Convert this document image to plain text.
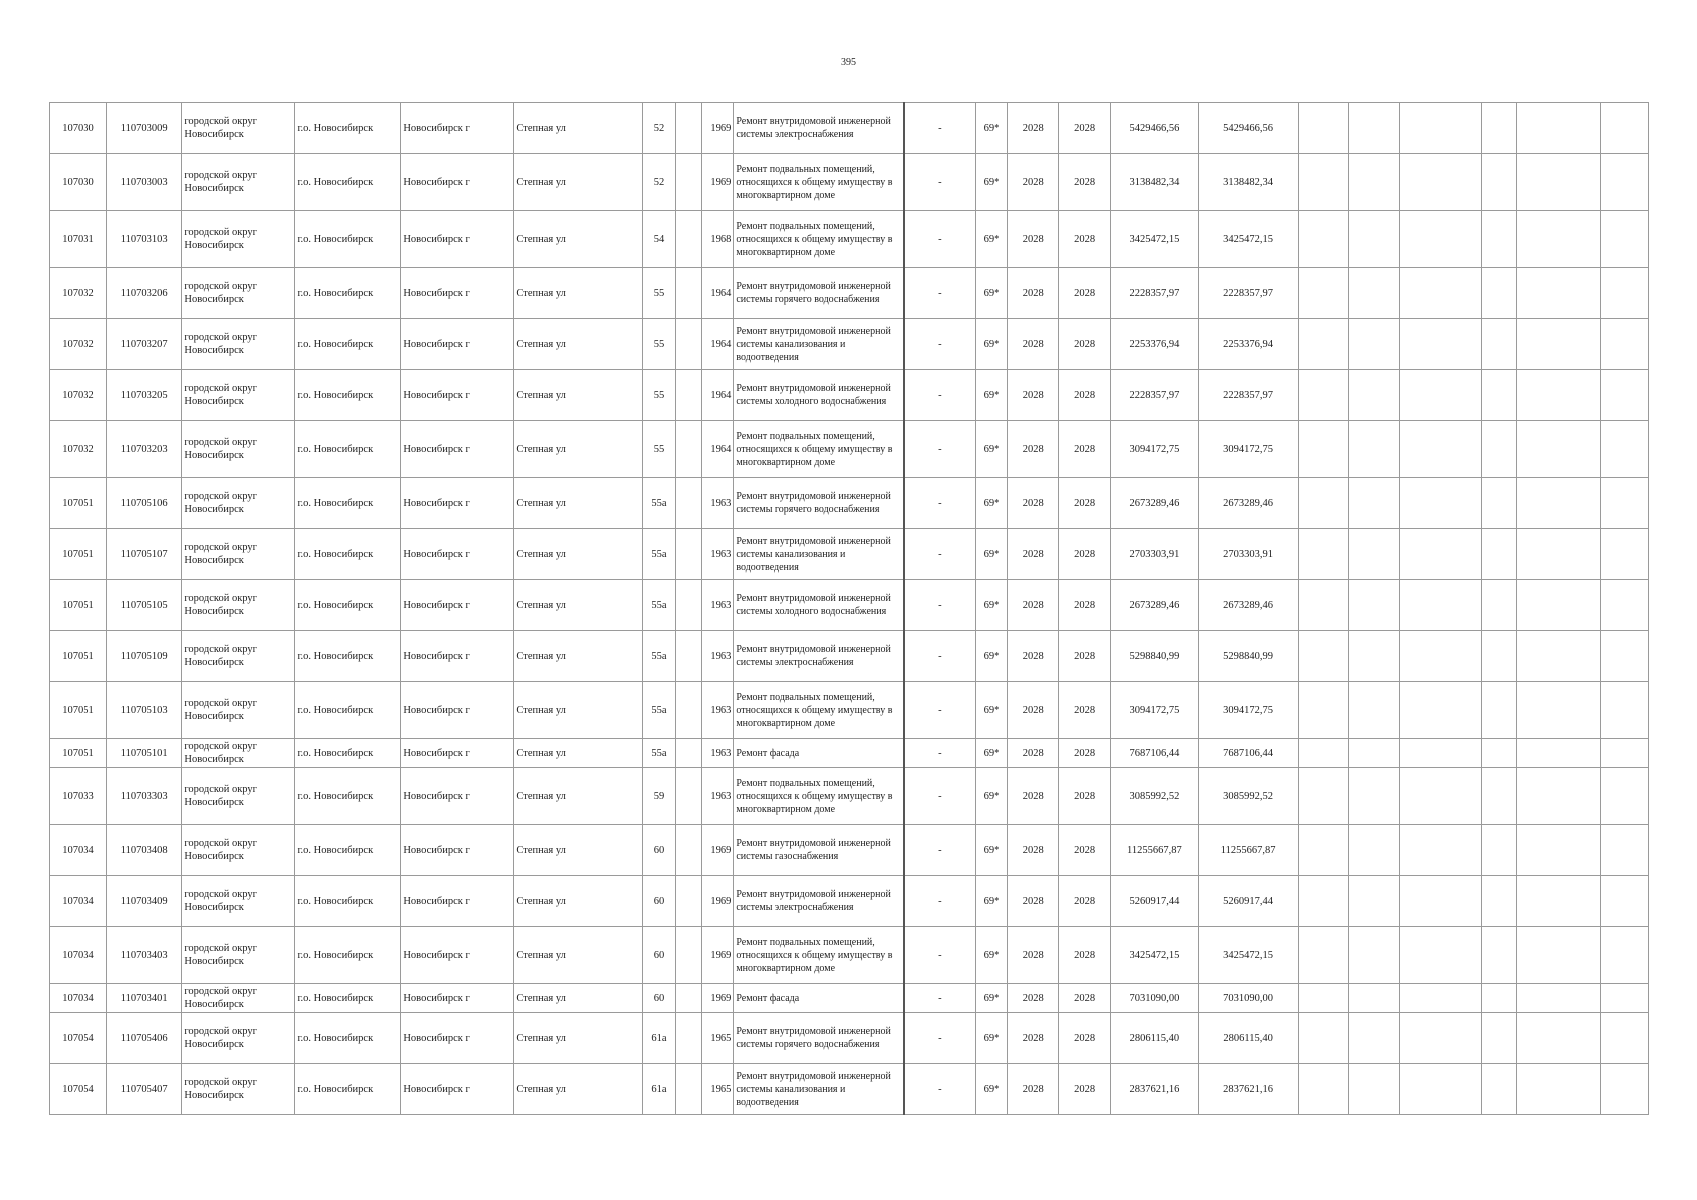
395
107030	110703009	городской округ Новосибирск	г.о. Новосибирск	Новосибирск г	Степная ул	52		1969	Ремонт внутридомовой инженерной системы электроснабжения	-	69*	2028	2028	5429466,56	5429466,56						
107030	110703003	городской округ Новосибирск	г.о. Новосибирск	Новосибирск г	Степная ул	52		1969	Ремонт подвальных помещений, относящихся к общему имуществу в многоквартирном доме	-	69*	2028	2028	3138482,34	3138482,34						
107031	110703103	городской округ Новосибирск	г.о. Новосибирск	Новосибирск г	Степная ул	54		1968	Ремонт подвальных помещений, относящихся к общему имуществу в многоквартирном доме	-	69*	2028	2028	3425472,15	3425472,15						
107032	110703206	городской округ Новосибирск	г.о. Новосибирск	Новосибирск г	Степная ул	55		1964	Ремонт внутридомовой инженерной системы горячего водоснабжения	-	69*	2028	2028	2228357,97	2228357,97						
107032	110703207	городской округ Новосибирск	г.о. Новосибирск	Новосибирск г	Степная ул	55		1964	Ремонт внутридомовой инженерной системы канализования и водоотведения	-	69*	2028	2028	2253376,94	2253376,94						
107032	110703205	городской округ Новосибирск	г.о. Новосибирск	Новосибирск г	Степная ул	55		1964	Ремонт внутридомовой инженерной системы холодного водоснабжения	-	69*	2028	2028	2228357,97	2228357,97						
107032	110703203	городской округ Новосибирск	г.о. Новосибирск	Новосибирск г	Степная ул	55		1964	Ремонт подвальных помещений, относящихся к общему имуществу в многоквартирном доме	-	69*	2028	2028	3094172,75	3094172,75						
107051	110705106	городской округ Новосибирск	г.о. Новосибирск	Новосибирск г	Степная ул	55а		1963	Ремонт внутридомовой инженерной системы горячего водоснабжения	-	69*	2028	2028	2673289,46	2673289,46						
107051	110705107	городской округ Новосибирск	г.о. Новосибирск	Новосибирск г	Степная ул	55а		1963	Ремонт внутридомовой инженерной системы канализования и водоотведения	-	69*	2028	2028	2703303,91	2703303,91						
107051	110705105	городской округ Новосибирск	г.о. Новосибирск	Новосибирск г	Степная ул	55а		1963	Ремонт внутридомовой инженерной системы холодного водоснабжения	-	69*	2028	2028	2673289,46	2673289,46						
107051	110705109	городской округ Новосибирск	г.о. Новосибирск	Новосибирск г	Степная ул	55а		1963	Ремонт внутридомовой инженерной системы электроснабжения	-	69*	2028	2028	5298840,99	5298840,99						
107051	110705103	городской округ Новосибирск	г.о. Новосибирск	Новосибирск г	Степная ул	55а		1963	Ремонт подвальных помещений, относящихся к общему имуществу в многоквартирном доме	-	69*	2028	2028	3094172,75	3094172,75						
107051	110705101	городской округ Новосибирск	г.о. Новосибирск	Новосибирск г	Степная ул	55а		1963	Ремонт фасада	-	69*	2028	2028	7687106,44	7687106,44						
107033	110703303	городской округ Новосибирск	г.о. Новосибирск	Новосибирск г	Степная ул	59		1963	Ремонт подвальных помещений, относящихся к общему имуществу в многоквартирном доме	-	69*	2028	2028	3085992,52	3085992,52						
107034	110703408	городской округ Новосибирск	г.о. Новосибирск	Новосибирск г	Степная ул	60		1969	Ремонт внутридомовой инженерной системы газоснабжения	-	69*	2028	2028	11255667,87	11255667,87						
107034	110703409	городской округ Новосибирск	г.о. Новосибирск	Новосибирск г	Степная ул	60		1969	Ремонт внутридомовой инженерной системы электроснабжения	-	69*	2028	2028	5260917,44	5260917,44						
107034	110703403	городской округ Новосибирск	г.о. Новосибирск	Новосибирск г	Степная ул	60		1969	Ремонт подвальных помещений, относящихся к общему имуществу в многоквартирном доме	-	69*	2028	2028	3425472,15	3425472,15						
107034	110703401	городской округ Новосибирск	г.о. Новосибирск	Новосибирск г	Степная ул	60		1969	Ремонт фасада	-	69*	2028	2028	7031090,00	7031090,00						
107054	110705406	городской округ Новосибирск	г.о. Новосибирск	Новосибирск г	Степная ул	61а		1965	Ремонт внутридомовой инженерной системы горячего водоснабжения	-	69*	2028	2028	2806115,40	2806115,40						
107054	110705407	городской округ Новосибирск	г.о. Новосибирск	Новосибирск г	Степная ул	61а		1965	Ремонт внутридомовой инженерной системы канализования и водоотведения	-	69*	2028	2028	2837621,16	2837621,16						
